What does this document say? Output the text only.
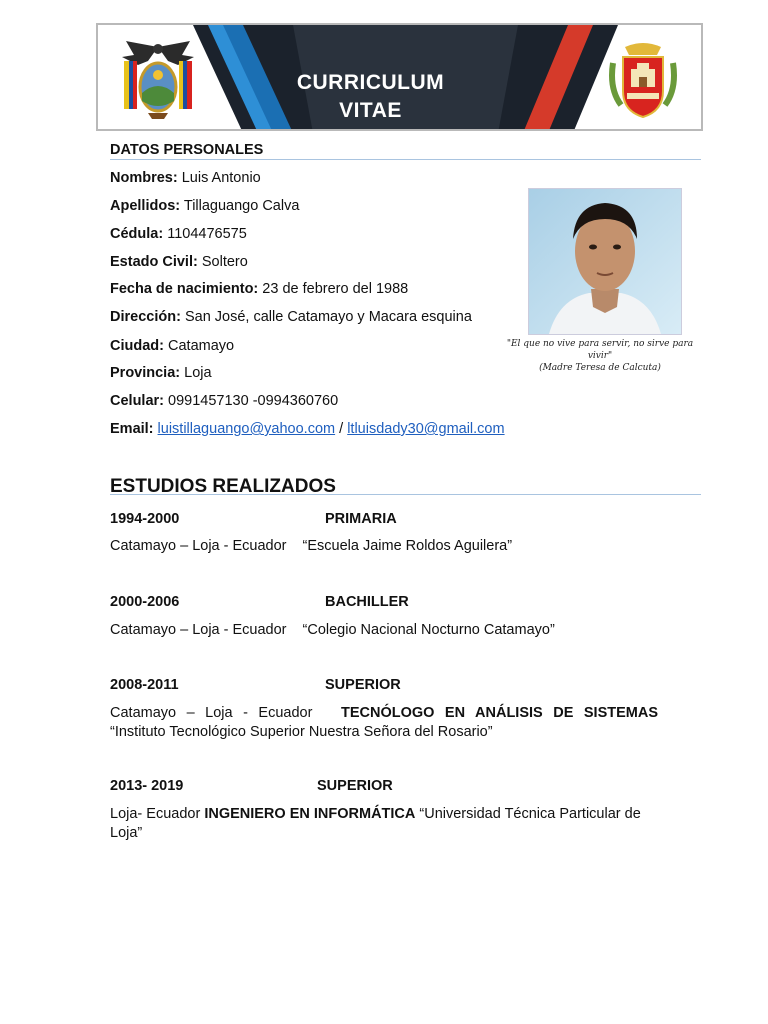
CURRICULUM
VITAE
DATOS PERSONALES
Nombres: Luis Antonio
Apellidos: Tillaguango Calva
Cédula: 1104476575
Estado Civil: Soltero
Fecha de nacimiento: 23 de febrero del 1988
Dirección: San José, calle Catamayo y Macara esquina
Ciudad: Catamayo
Provincia: Loja
Celular: 0991457130 -0994360760
Email: luistillaguango@yahoo.com / ltluisdady30@gmail.com
"El que no vive para servir, no sirve para vivir"
(Madre Teresa de Calcuta)
ESTUDIOS REALIZADOS
1994-2000	PRIMARIA
Catamayo – Loja - Ecuador “Escuela Jaime Roldos Aguilera”
2000-2006	BACHILLER
Catamayo – Loja - Ecuador “Colegio Nacional Nocturno Catamayo”
2008-2011	SUPERIOR
Catamayo – Loja - Ecuador TECNÓLOGO EN ANÁLISIS DE SISTEMAS “Instituto Tecnológico Superior Nuestra Señora del Rosario”
2013- 2019	SUPERIOR
Loja- Ecuador INGENIERO EN INFORMÁTICA “Universidad Técnica Particular de Loja”
